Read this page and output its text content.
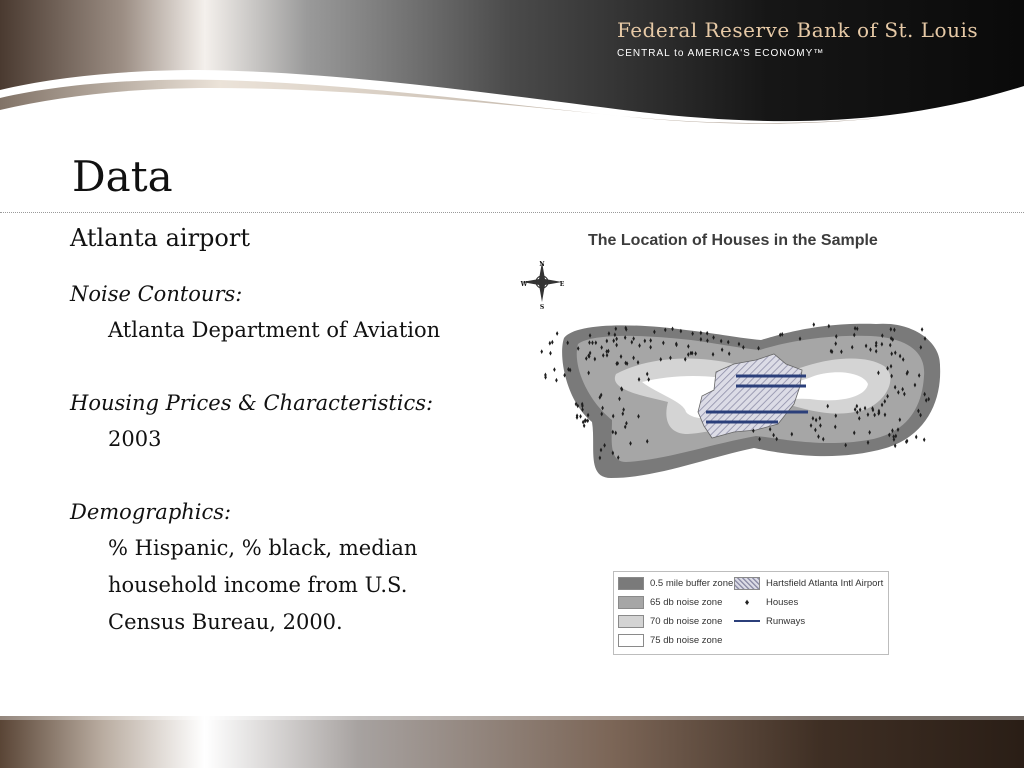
Federal Reserve Bank of St. Louis
CENTRAL to AMERICA'S ECONOMY™
Data
Atlanta airport
Noise Contours:
Atlanta Department of Aviation
Housing Prices & Characteristics:
2003
Demographics:
% Hispanic, % black, median
household income from U.S.
Census Bureau, 2000.
The Location of Houses in the Sample
N
S
E
W
0.5 mile buffer zone
65 db noise zone
70 db noise zone
75 db noise zone
Hartsfield Atlanta Intl Airport
♦	Houses
Runways
